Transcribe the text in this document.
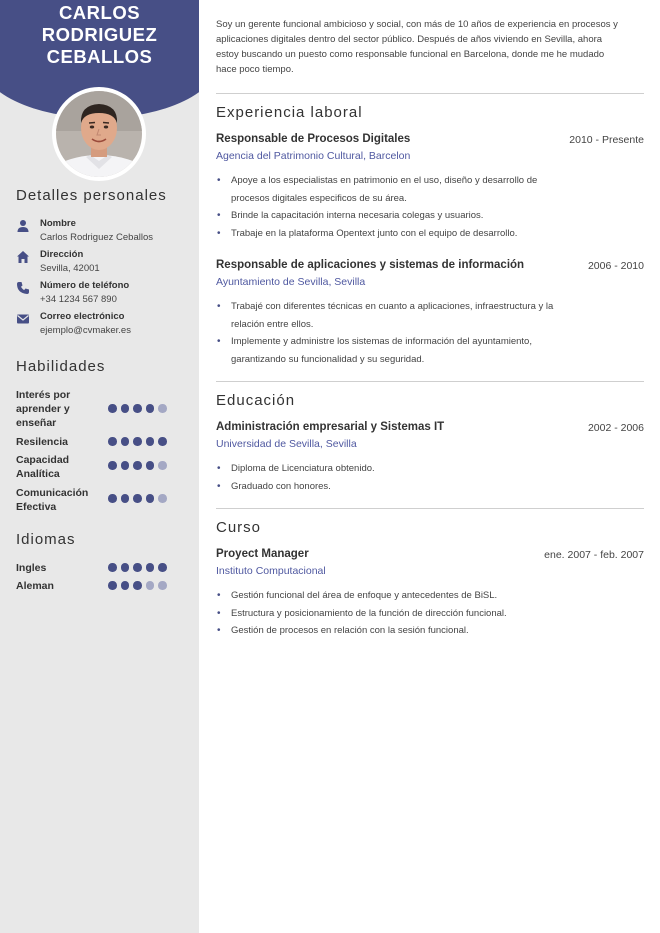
CARLOS
RODRIGUEZ
CEBALLOS
Detalles personales
Nombre
Carlos Rodriguez Ceballos
Dirección
Sevilla, 42001
Número de teléfono
+34 1234 567 890
Correo electrónico
ejemplo@cvmaker.es
Habilidades
Interés por aprender y enseñar
Resilencia
Capacidad Analítica
Comunicación Efectiva
Idiomas
Ingles
Aleman
Soy un gerente funcional ambicioso y social, con más de 10 años de experiencia en procesos y aplicaciones digitales dentro del sector público. Después de años viviendo en Sevilla, ahora estoy buscando un puesto como responsable funcional en Barcelona, donde me he mudado hace poco tiempo.
Experiencia laboral
Responsable de Procesos Digitales	2010 - Presente
Agencia del Patrimonio Cultural, Barcelon
• Apoye a los especialistas en patrimonio en el uso, diseño y desarrollo de procesos digitales especificos de su área.
• Brinde la capacitación interna necesaria colegas y usuarios.
• Trabaje en la plataforma Opentext junto con el equipo de desarrollo.
Responsable de aplicaciones y sistemas de información	2006 - 2010
Ayuntamiento de Sevilla, Sevilla
• Trabajé con diferentes técnicas en cuanto a aplicaciones, infraestructura y la relación entre ellos.
• Implemente y administre los sistemas de información del ayuntamiento, garantizando su funcionalidad y su seguridad.
Educación
Administración empresarial y Sistemas IT	2002 - 2006
Universidad de Sevilla, Sevilla
• Diploma de Licenciatura obtenido.
• Graduado con honores.
Curso
Proyect Manager	ene. 2007 - feb. 2007
Instituto Computacional
• Gestión funcional del área de enfoque y antecedentes de BiSL.
• Estructura y posicionamiento de la función de dirección funcional.
• Gestión de procesos en relación con la sesión funcional.
